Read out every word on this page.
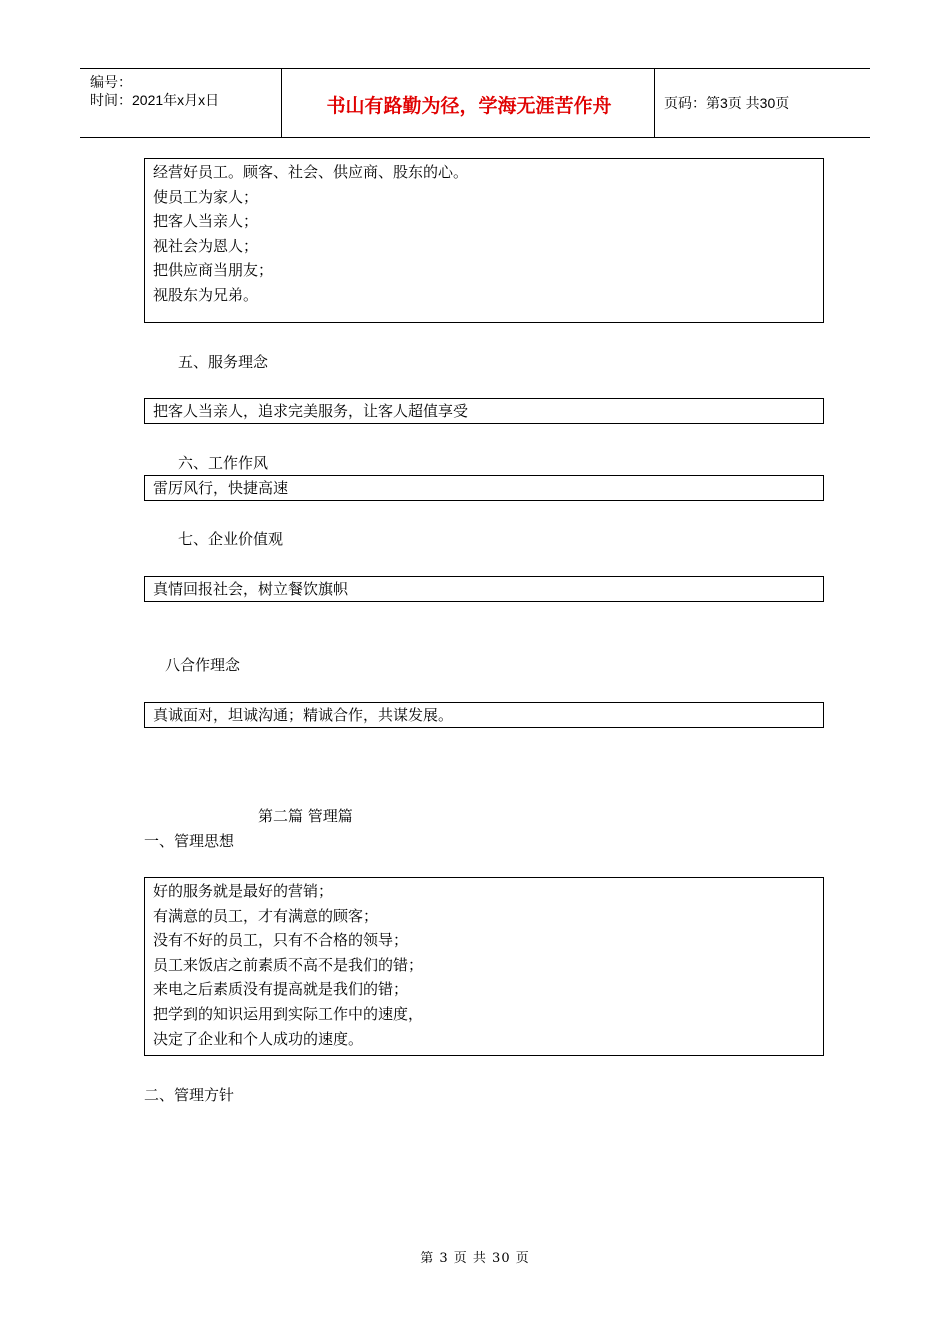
编号：
时间：2021年x月x日	书山有路勤为径，学海无涯苦作舟	页码：第3页 共30页
经营好员工。顾客、社会、供应商、股东的心。
使员工为家人；
把客人当亲人；
视社会为恩人；
把供应商当朋友；
视股东为兄弟。
五、服务理念
把客人当亲人，追求完美服务，让客人超值享受
六、工作作风
雷厉风行，快捷高速
七、企业价值观
真情回报社会，树立餐饮旗帜
八合作理念
真诚面对，坦诚沟通；精诚合作，共谋发展。
第二篇 管理篇
一、管理思想
好的服务就是最好的营销；
有满意的员工，才有满意的顾客；
没有不好的员工，只有不合格的领导；
员工来饭店之前素质不高不是我们的错；
来电之后素质没有提高就是我们的错；
把学到的知识运用到实际工作中的速度，
决定了企业和个人成功的速度。
二、管理方针
第 3 页 共 30 页
